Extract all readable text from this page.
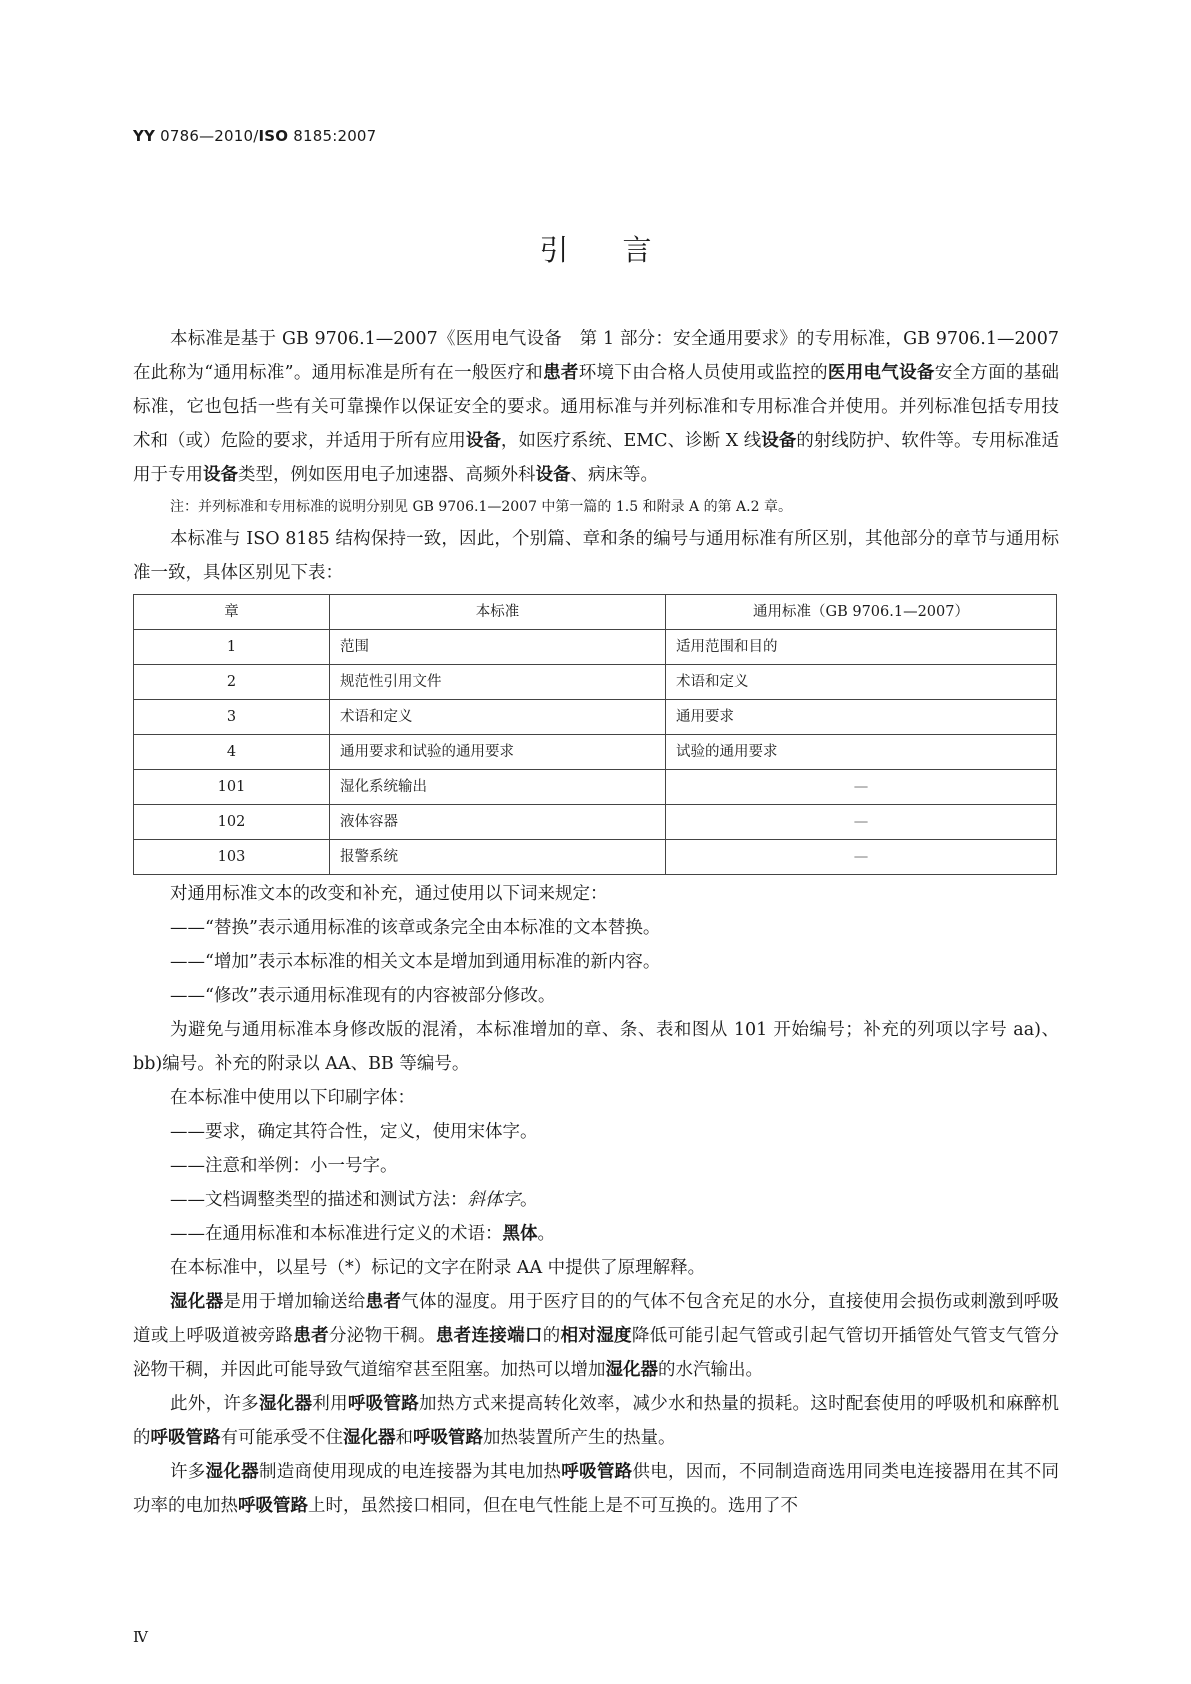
YY 0786—2010/ISO 8185:2007
引言

本标准是基于 GB 9706.1—2007《医用电气设备　第 1 部分：安全通用要求》的专用标准，GB 9706.1—2007 在此称为“通用标准”。通用标准是所有在一般医疗和患者环境下由合格人员使用或监控的医用电气设备安全方面的基础标准，它也包括一些有关可靠操作以保证安全的要求。通用标准与并列标准和专用标准合并使用。并列标准包括专用技术和（或）危险的要求，并适用于所有应用设备，如医疗系统、EMC、诊断 X 线设备的射线防护、软件等。专用标准适用于专用设备类型，例如医用电子加速器、高频外科设备、病床等。

注：并列标准和专用标准的说明分别见 GB 9706.1—2007 中第一篇的 1.5 和附录 A 的第 A.2 章。

本标准与 ISO 8185 结构保持一致，因此，个别篇、章和条的编号与通用标准有所区别，其他部分的章节与通用标准一致，具体区别见下表：

章	本标准	通用标准（GB 9706.1—2007）
1	范围	适用范围和目的
2	规范性引用文件	术语和定义
3	术语和定义	通用要求
4	通用要求和试验的通用要求	试验的通用要求
101	湿化系统输出	—
102	液体容器	—
103	报警系统	—

对通用标准文本的改变和补充，通过使用以下词来规定：

——“替换”表示通用标准的该章或条完全由本标准的文本替换。

——“增加”表示本标准的相关文本是增加到通用标准的新内容。

——“修改”表示通用标准现有的内容被部分修改。

为避免与通用标准本身修改版的混淆，本标准增加的章、条、表和图从 101 开始编号；补充的列项以字号 aa)、bb)编号。补充的附录以 AA、BB 等编号。

在本标准中使用以下印刷字体：

——要求，确定其符合性，定义，使用宋体字。

——注意和举例：小一号字。

——文档调整类型的描述和测试方法：斜体字。

——在通用标准和本标准进行定义的术语：黑体。

在本标准中，以星号（*）标记的文字在附录 AA 中提供了原理解释。

湿化器是用于增加输送给患者气体的湿度。用于医疗目的的气体不包含充足的水分，直接使用会损伤或刺激到呼吸道或上呼吸道被旁路患者分泌物干稠。患者连接端口的相对湿度降低可能引起气管或引起气管切开插管处气管支气管分泌物干稠，并因此可能导致气道缩窄甚至阻塞。加热可以增加湿化器的水汽输出。

此外，许多湿化器利用呼吸管路加热方式来提高转化效率，减少水和热量的损耗。这时配套使用的呼吸机和麻醉机的呼吸管路有可能承受不住湿化器和呼吸管路加热装置所产生的热量。

许多湿化器制造商使用现成的电连接器为其电加热呼吸管路供电，因而，不同制造商选用同类电连接器用在其不同功率的电加热呼吸管路上时，虽然接口相同，但在电气性能上是不可互换的。选用了不

Ⅳ
